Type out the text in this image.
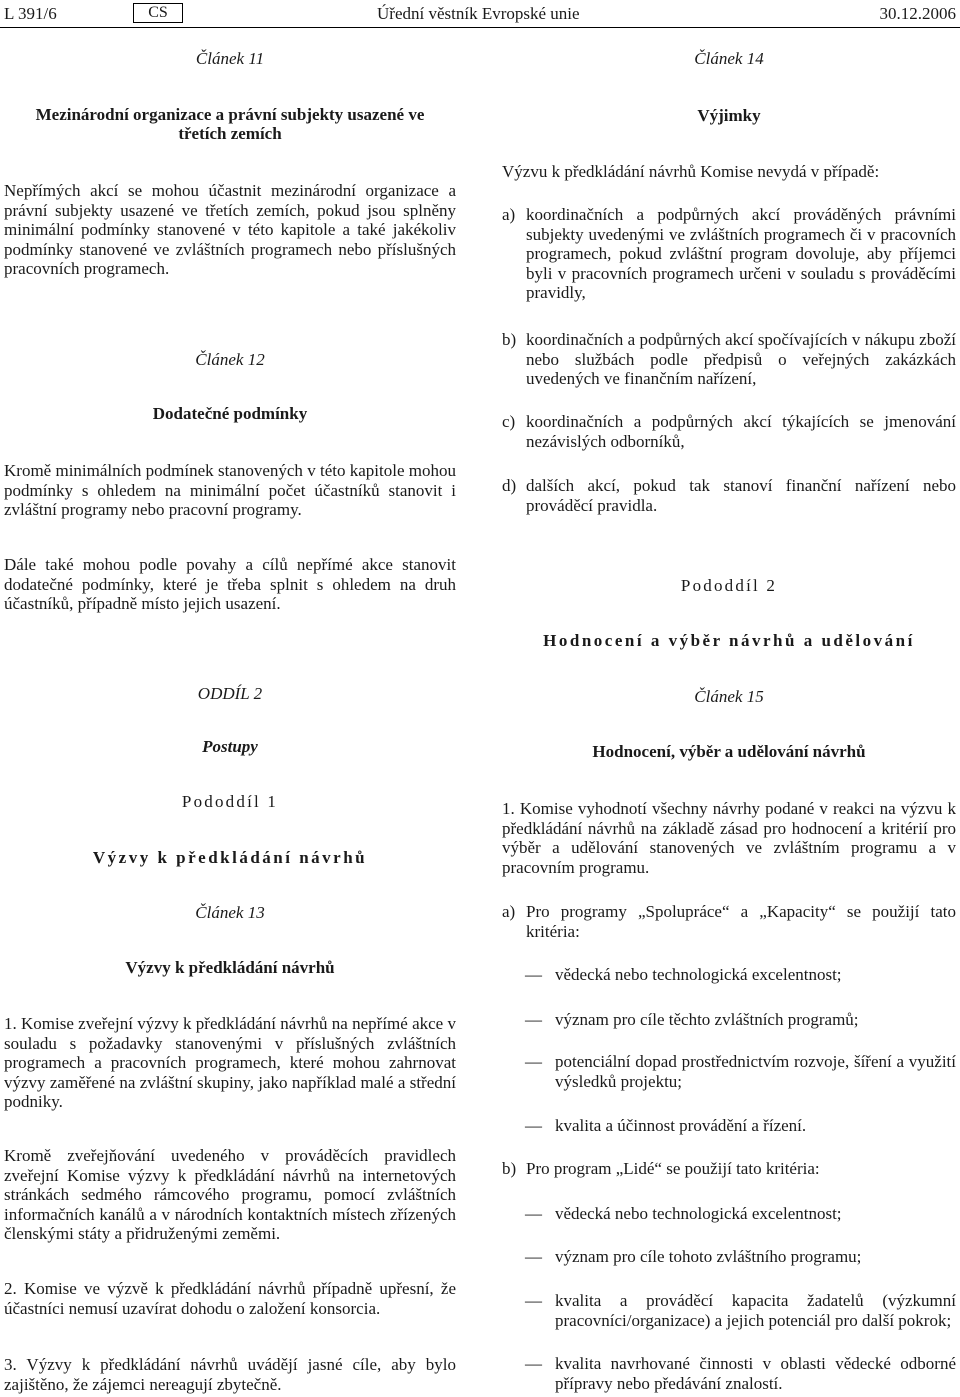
L 391/6	CS	Úřední věstník Evropské unie	30.12.2006
Článek 11
Mezinárodní organizace a právní subjekty usazené ve
třetích zemích
Nepřímých akcí se mohou účastnit mezinárodní organizace a právní subjekty usazené ve třetích zemích, pokud jsou splněny minimální podmínky stanovené v této kapitole a také jakékoliv podmínky stanovené ve zvláštních programech nebo příslušných pracovních programech.
Článek 12
Dodatečné podmínky
Kromě minimálních podmínek stanovených v této kapitole mohou podmínky s ohledem na minimální počet účastníků stanovit i zvláštní programy nebo pracovní programy.
Dále také mohou podle povahy a cílů nepřímé akce stanovit dodatečné podmínky, které je třeba splnit s ohledem na druh účastníků, případně místo jejich usazení.
ODDÍL 2
Postupy
Pododdíl 1
Výzvy k předkládání návrhů
Článek 13
Výzvy k předkládání návrhů
1. Komise zveřejní výzvy k předkládání návrhů na nepřímé akce v souladu s požadavky stanovenými v příslušných zvláštních programech a pracovních programech, které mohou zahrnovat výzvy zaměřené na zvláštní skupiny, jako například malé a střední podniky.
Kromě zveřejňování uvedeného v prováděcích pravidlech zveřejní Komise výzvy k předkládání návrhů na internetových stránkách sedmého rámcového programu, pomocí zvláštních informačních kanálů a v národních kontaktních místech zřízených členskými státy a přidruženými zeměmi.
2. Komise ve výzvě k předkládání návrhů případně upřesní, že účastníci nemusí uzavírat dohodu o založení konsorcia.
3. Výzvy k předkládání návrhů uvádějí jasné cíle, aby bylo zajištěno, že zájemci nereagují zbytečně.
Článek 14
Výjimky
Výzvu k předkládání návrhů Komise nevydá v případě:
a) koordinačních a podpůrných akcí prováděných právními subjekty uvedenými ve zvláštních programech či v pracovních programech, pokud zvláštní program dovoluje, aby příjemci byli v pracovních programech určeni v souladu s prováděcími pravidly,
b) koordinačních a podpůrných akcí spočívajících v nákupu zboží nebo službách podle předpisů o veřejných zakázkách uvedených ve finančním nařízení,
c) koordinačních a podpůrných akcí týkajících se jmenování nezávislých odborníků,
d) dalších akcí, pokud tak stanoví finanční nařízení nebo prováděcí pravidla.
Pododdíl 2
Hodnocení a výběr návrhů a udělování
Článek 15
Hodnocení, výběr a udělování návrhů
1. Komise vyhodnotí všechny návrhy podané v reakci na výzvu k předkládání návrhů na základě zásad pro hodnocení a kritérií pro výběr a udělování stanovených ve zvláštním programu a v pracovním programu.
a) Pro programy „Spolupráce“ a „Kapacity“ se použijí tato kritéria:
— vědecká nebo technologická excelentnost;
— význam pro cíle těchto zvláštních programů;
— potenciální dopad prostřednictvím rozvoje, šíření a využití výsledků projektu;
— kvalita a účinnost provádění a řízení.
b) Pro program „Lidé“ se použijí tato kritéria:
— vědecká nebo technologická excelentnost;
— význam pro cíle tohoto zvláštního programu;
— kvalita a prováděcí kapacita žadatelů (výzkumní pracovníci/organizace) a jejich potenciál pro další pokrok;
— kvalita navrhované činnosti v oblasti vědecké odborné přípravy nebo předávání znalostí.
